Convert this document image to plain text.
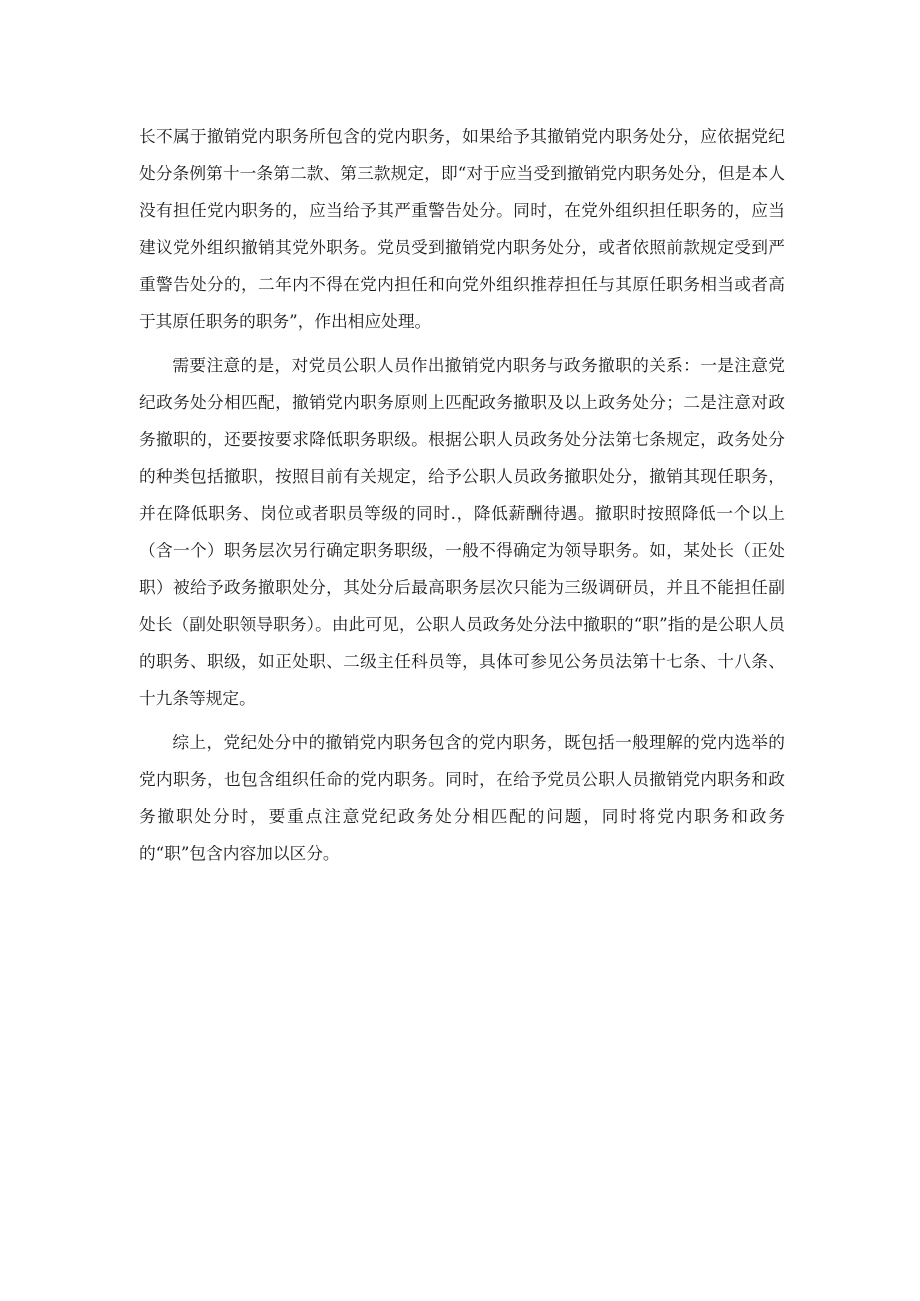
长不属于撤销党内职务所包含的党内职务，如果给予其撤销党内职务处分，应依据党纪处分条例第十一条第二款、第三款规定，即“对于应当受到撤销党内职务处分，但是本人没有担任党内职务的，应当给予其严重警告处分。同时，在党外组织担任职务的，应当建议党外组织撤销其党外职务。党员受到撤销党内职务处分，或者依照前款规定受到严重警告处分的，二年内不得在党内担任和向党外组织推荐担任与其原任职务相当或者高于其原任职务的职务”，作出相应处理。

需要注意的是，对党员公职人员作出撤销党内职务与政务撤职的关系：一是注意党纪政务处分相匹配，撤销党内职务原则上匹配政务撤职及以上政务处分；二是注意对政务撤职的，还要按要求降低职务职级。根据公职人员政务处分法第七条规定，政务处分的种类包括撤职，按照目前有关规定，给予公职人员政务撤职处分，撤销其现任职务，并在降低职务、岗位或者职员等级的同时.，降低薪酬待遇。撤职时按照降低一个以上（含一个）职务层次另行确定职务职级，一般不得确定为领导职务。如，某处长（正处职）被给予政务撤职处分，其处分后最高职务层次只能为三级调研员，并且不能担任副处长（副处职领导职务）。由此可见，公职人员政务处分法中撤职的“职”指的是公职人员的职务、职级，如正处职、二级主任科员等，具体可参见公务员法第十七条、十八条、十九条等规定。

综上，党纪处分中的撤销党内职务包含的党内职务，既包括一般理解的党内选举的党内职务，也包含组织任命的党内职务。同时，在给予党员公职人员撤销党内职务和政务撤职处分时，要重点注意党纪政务处分相匹配的问题，同时将党内职务和政务的“职”包含内容加以区分。
